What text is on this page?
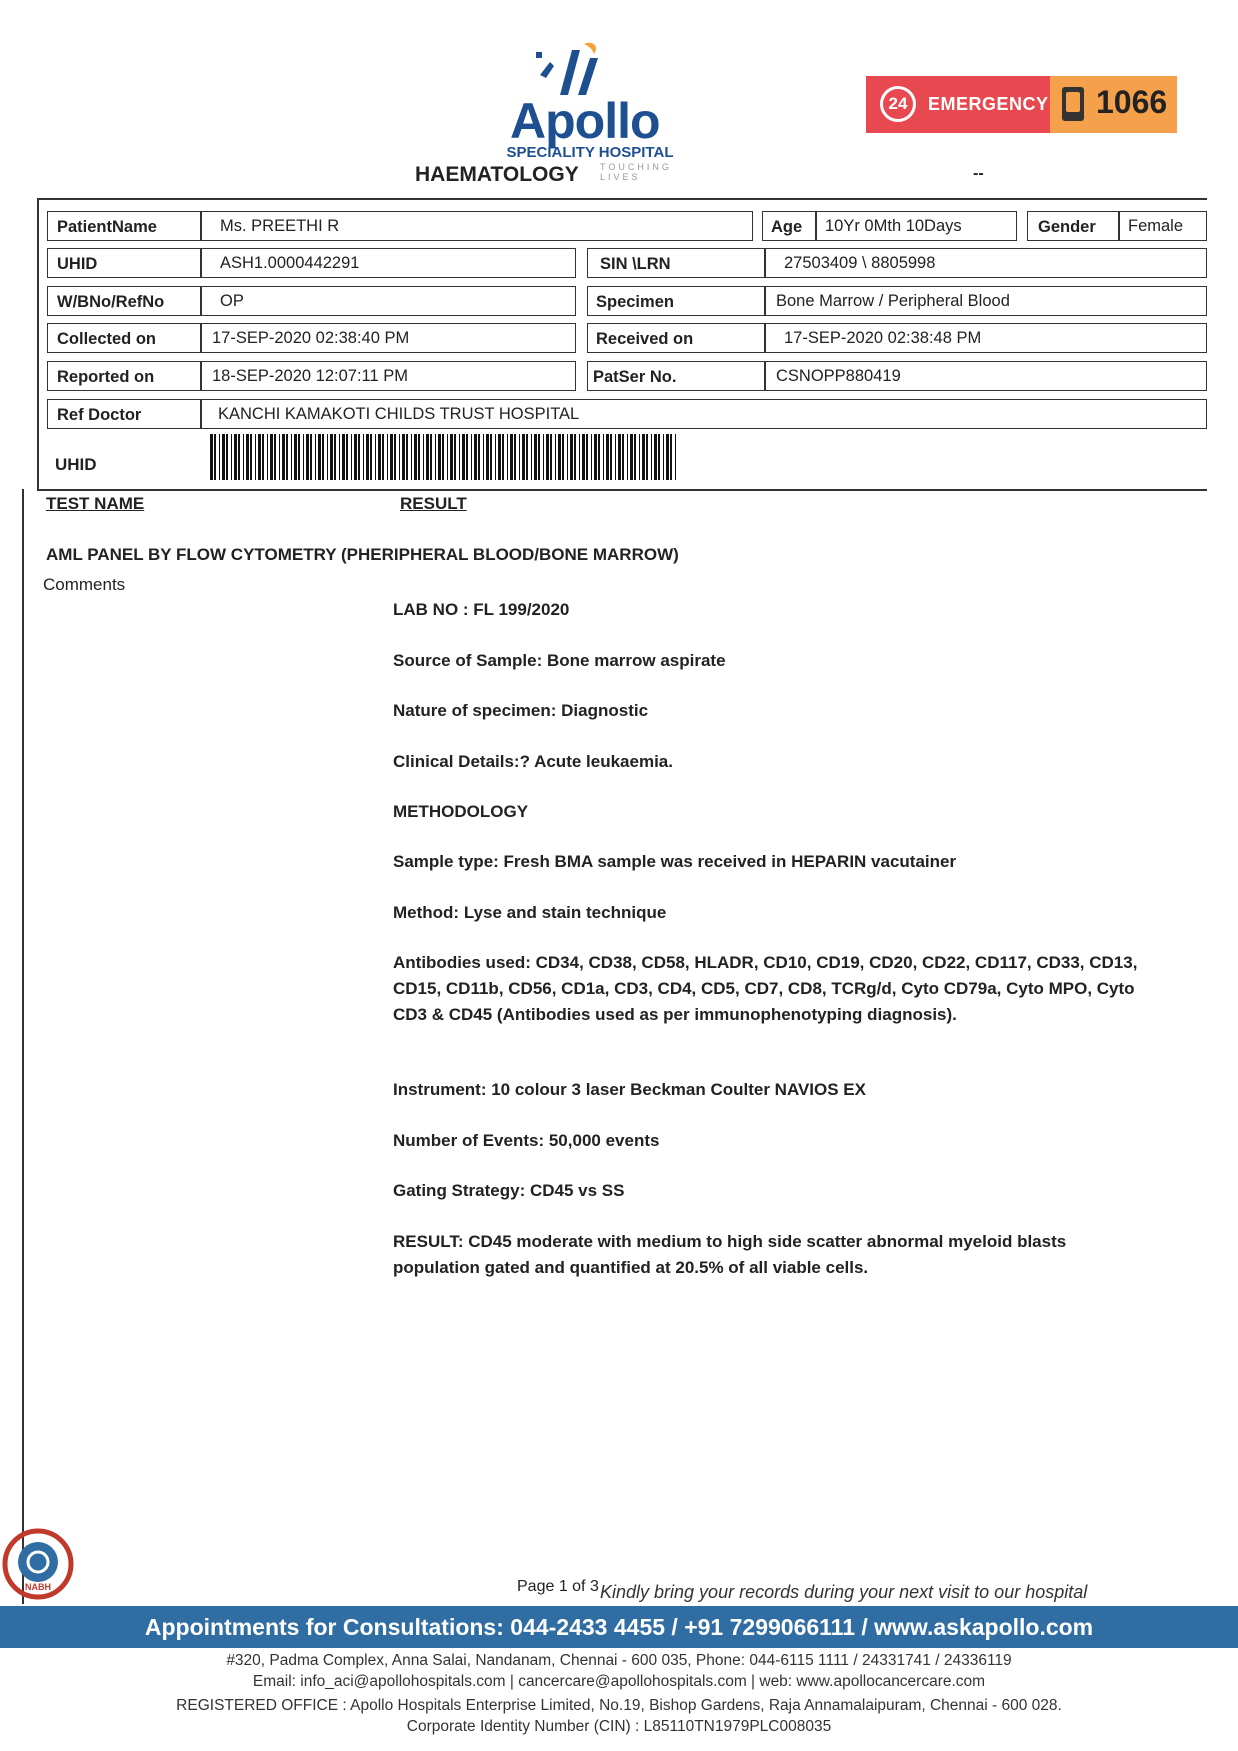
Apollo
SPECIALITY HOSPITAL
TOUCHING LIVES
24	EMERGENCY 1066
HAEMATOLOGY	--
PatientName	Ms. PREETHI R	Age 10Yr 0Mth 10Days	Gender Female
UHID	ASH1.0000442291	SIN \LRN	27503409 \ 8805998
W/BNo/RefNo	OP	Specimen	Bone Marrow / Peripheral Blood
Collected on	17-SEP-2020 02:38:40 PM	Received on	17-SEP-2020 02:38:48 PM
Reported on	18-SEP-2020 12:07:11 PM	PatSer No.	CSNOPP880419
Ref Doctor	KANCHI KAMAKOTI CHILDS TRUST HOSPITAL
UHID
TEST NAME	RESULT
AML PANEL BY FLOW CYTOMETRY (PHERIPHERAL BLOOD/BONE MARROW)
Comments
LAB NO : FL 199/2020
Source of Sample: Bone marrow aspirate
Nature of specimen: Diagnostic
Clinical Details:? Acute leukaemia.
METHODOLOGY
Sample type: Fresh BMA sample was received in HEPARIN vacutainer
Method: Lyse and stain technique
Antibodies used: CD34, CD38, CD58, HLADR, CD10, CD19, CD20, CD22, CD117, CD33, CD13, CD15, CD11b, CD56, CD1a, CD3, CD4, CD5, CD7, CD8, TCRg/d, Cyto CD79a, Cyto MPO, Cyto CD3 & CD45 (Antibodies used as per immunophenotyping diagnosis).
Instrument: 10 colour 3 laser Beckman Coulter NAVIOS EX
Number of Events: 50,000 events
Gating Strategy: CD45 vs SS
RESULT: CD45 moderate with medium to high side scatter abnormal myeloid blasts population gated and quantified at 20.5% of all viable cells.
NABH	Page 1 of 3 Kindly bring your records during your next visit to our hospital
Appointments for Consultations: 044-2433 4455 / +91 7299066111 / www.askapollo.com
#320, Padma Complex, Anna Salai, Nandanam, Chennai - 600 035, Phone: 044-6115 1111 / 24331741 / 24336119
Email: info_aci@apollohospitals.com | cancercare@apollohospitals.com | web: www.apollocancercare.com
REGISTERED OFFICE : Apollo Hospitals Enterprise Limited, No.19, Bishop Gardens, Raja Annamalaipuram, Chennai - 600 028.
Corporate Identity Number (CIN) : L85110TN1979PLC008035
